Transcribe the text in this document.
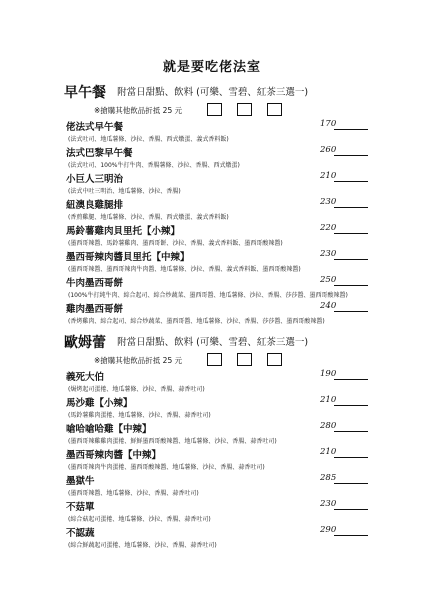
就是要吃佬法室
早午餐 附當日甜點、飲料 (可樂、雪碧、紅茶三選一)
※搶購其他飲品折抵 25 元
佬法式早午餐
(法式吐司、地瓜薯條、沙拉、香腸、西式燉蛋、義式香料飯)
170
法式巴黎早午餐
(法式吐司、100%牛打牛肉、香腸薯條、沙拉、香腸、西式燉蛋)
260
小巨人三明治
(法式中吐三明治、地瓜薯條、沙拉、香腸)
210
紐澳良雞腿排
(香煎雞腿、地瓜薯條、沙拉、香腸、西式燉蛋、義式香料飯)
230
馬鈴薯雞肉貝里托【小辣】
(墨西哥辣醬、馬鈴薯雞肉、墨西哥餅、沙拉、香腸、義式香料飯、墨西哥酸辣醬)
220
墨西哥辣肉醬貝里托【中辣】
(墨西哥辣醬、墨西哥辣肉牛肉醬、地瓜薯條、沙拉、香腸、義式香料飯、墨西哥酸辣醬)
230
牛肉墨西哥餅
(100%牛打純牛肉、綜合起司、綜合炒蔬菜、墨西哥醬、地瓜薯條、沙拉、香腸、莎莎醬、墨西哥酸辣醬)
250
雞肉墨西哥餅
(香烤雞肉、綜合起司、綜合炒蔬菜、墨西哥醬、地瓜薯條、沙拉、香腸、莎莎醬、墨西哥酸辣醬)
240
歐姆蕾 附當日甜點、飲料 (可樂、雪碧、紅茶三選一)
※搶購其他飲品折抵 25 元
義死大伯
(焗烤起司蛋捲、地瓜薯條、沙拉、香腸、蒜香吐司)
190
馬沙雞【小辣】
(馬鈴薯雞肉蛋捲、地瓜薯條、沙拉、香腸、蒜香吐司)
210
嗆哈嗆哈雞【中辣】
(墨西哥辣雞雞肉蛋捲、鮮鮮墨西哥酸辣醬、地瓜薯條、沙拉、香腸、蒜香吐司)
280
墨西哥辣肉醬【中辣】
(墨西哥辣肉牛肉蛋捲、墨西哥酸辣醬、地瓜薯條、沙拉、香腸、蒜香吐司)
210
墨獄牛
(墨西哥辣醬、地瓜薯條、沙拉、香腸、蒜香吐司)
285
不菇單
(綜合菇起司蛋捲、地瓜薯條、沙拉、香腸、蒜香吐司)
230
不認蔬
(綜合鮮蔬起司蛋捲、地瓜薯條、沙拉、香腸、蒜香吐司)
290
